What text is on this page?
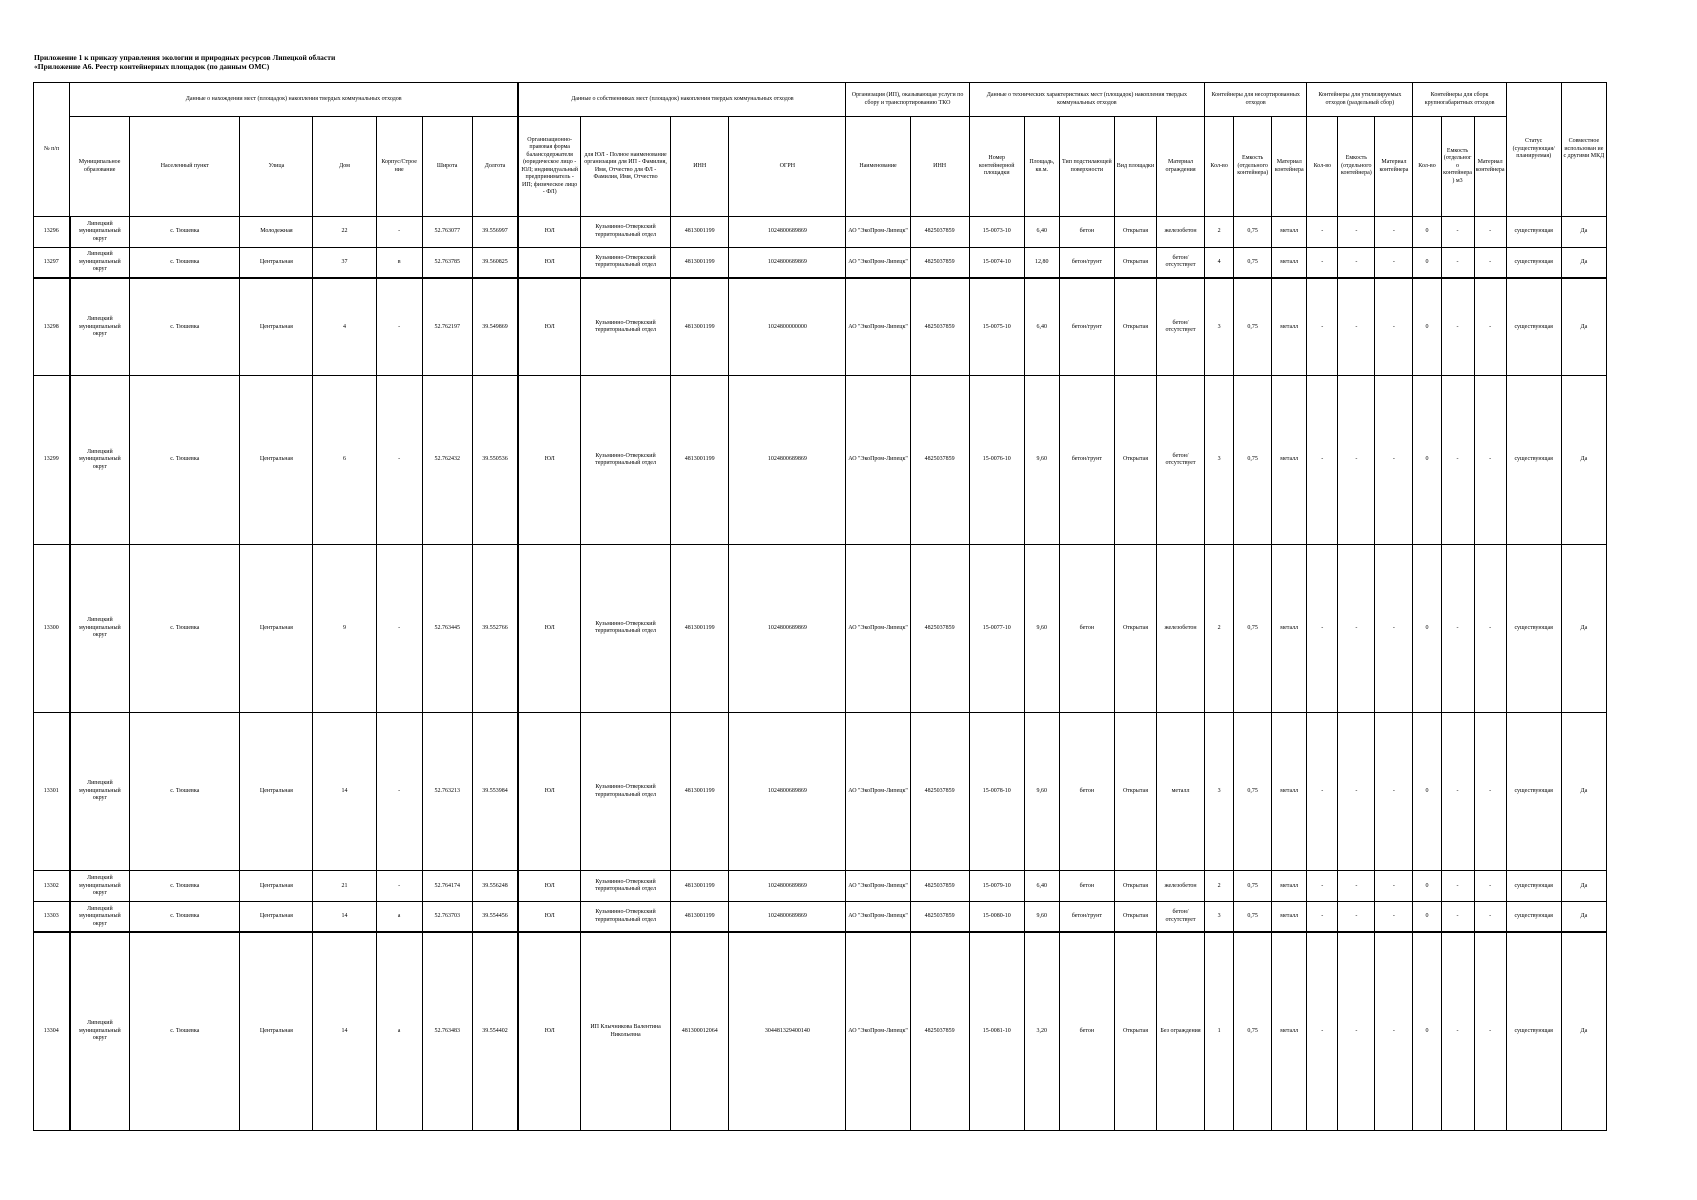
Приложение 1 к приказу управления экологии и природных ресурсов Липецкой области
«Приложение А6. Реестр контейнерных площадок (по данным ОМС)
№ п/п	Данные о нахождении мест (площадок) накопления твердых коммунальных отходов							Данные о собственниках мест (площадок) накопления твердых коммунальных отходов				Организация (ИП), оказывающая услуги по сбору и транспортированию ТКО		Данные о технических характеристиках мест (площадок) накопления твердых коммунальных отходов					Контейнеры для несортированных отходов			Контейнеры для утилизируемых отходов (раздельный сбор)			Контейнеры для сборк крупногабаритных отходов			Статус (существующая/ планируемая)	Совместное использован ие с другими МКД
	Муниципальное образование	Населенный пункт	Улица	Дом	Корпус/Строе ние	Широта	Долгота	Организационно-правовая форма балансодержателя (юридическое лицо - ЮЛ; индивидуальный предприниматель - ИП; физическое лицо - ФЛ)	для ЮЛ - Полное наименование организации для ИП - Фамилия, Имя, Отчество для ФЛ - Фамилия, Имя, Отчество	ИНН	ОГРН	Наименование	ИНН	Номер контейнерной площадки	Площадь, кв.м.	Тип подстилающей поверхности	Вид площадки	Материал ограждения	Кол-во	Емкость (отдельного контейнера)	Материал контейнера	Кол-во	Емкость (отдельного контейнера)	Материал контейнера	Кол-во	Емкость (отдельного контейнера) м3	Материал контейнера		
13296	Липецкий муниципальный округ	с. Тюшевка	Молодежная	22	-	52.763077	39.556997	ЮЛ	Кузьминно-Отверкский территориальный отдел	4813001199	1024800689869	АО "ЭкоПром-Липецк"	4825037859	15-0073-10	6,40	бетон	Открытая	железобетон	2	0,75	металл	-	-	-	0	-	-	существующая	Да
13297	Липецкий муниципальный округ	с. Тюшевка	Центральная	37	в	52.763785	39.560825	ЮЛ	Кузьминно-Отверкский территориальный отдел	4813001199	1024800689869	АО "ЭкоПром-Липецк"	4825037859	15-0074-10	12,80	бетон/грунт	Открытая	бетон/отсутствует	4	0,75	металл	-	-	-	0	-	-	существующая	Да
13298	Липецкий муниципальный округ	с. Тюшевка	Центральная	4	-	52.762197	39.549869	ЮЛ	Кузьминно-Отверкский территориальный отдел	4813001199	1024800000000	АО "ЭкоПром-Липецк"	4825037859	15-0075-10	6,40	бетон/грунт	Открытая	бетон/отсутствует	3	0,75	металл	-	-	-	0	-	-	существующая	Да
13299	Липецкий муниципальный округ	с. Тюшевка	Центральная	6	-	52.762432	39.550536	ЮЛ	Кузьминно-Отверкский территориальный отдел	4813001199	1024800689869	АО "ЭкоПром-Липецк"	4825037859	15-0076-10	9,60	бетон/грунт	Открытая	бетон/отсутствует	3	0,75	металл	-	-	-	0	-	-	существующая	Да
13300	Липецкий муниципальный округ	с. Тюшевка	Центральная	9	-	52.763445	39.552766	ЮЛ	Кузьминно-Отверкский территориальный отдел	4813001199	1024800689869	АО "ЭкоПром-Липецк"	4825037859	15-0077-10	9,60	бетон	Открытая	железобетон	2	0,75	металл	-	-	-	0	-	-	существующая	Да
13301	Липецкий муниципальный округ	с. Тюшевка	Центральная	14	-	52.763213	39.553984	ЮЛ	Кузьминно-Отверкский территориальный отдел	4813001199	1024800689869	АО "ЭкоПром-Липецк"	4825037859	15-0078-10	9,60	бетон	Открытая	металл	3	0,75	металл	-	-	-	0	-	-	существующая	Да
13302	Липецкий муниципальный округ	с. Тюшевка	Центральная	21	-	52.764174	39.556248	ЮЛ	Кузьминно-Отверкский территориальный отдел	4813001199	1024800689869	АО "ЭкоПром-Липецк"	4825037859	15-0079-10	6,40	бетон	Открытая	железобетон	2	0,75	металл	-	-	-	0	-	-	существующая	Да
13303	Липецкий муниципальный округ	с. Тюшевка	Центральная	14	а	52.763703	39.554456	ЮЛ	Кузьминно-Отверкский территориальный отдел	4813001199	1024800689869	АО "ЭкоПром-Липецк"	4825037859	15-0080-10	9,60	бетон/грунт	Открытая	бетон/отсутствует	3	0,75	металл	-	-	-	0	-	-	существующая	Да
13304	Липецкий муниципальный округ	с. Тюшевка	Центральная	14	а	52.763483	39.554402	ЮЛ	ИП Клычникова Валентина Никольевна	481300012064	304481329400140	АО "ЭкоПром-Липецк"	4825037859	15-0081-10	3,20	бетон	Открытая	Без ограждения	1	0,75	металл	-	-	-	0	-	-	существующая	Да
